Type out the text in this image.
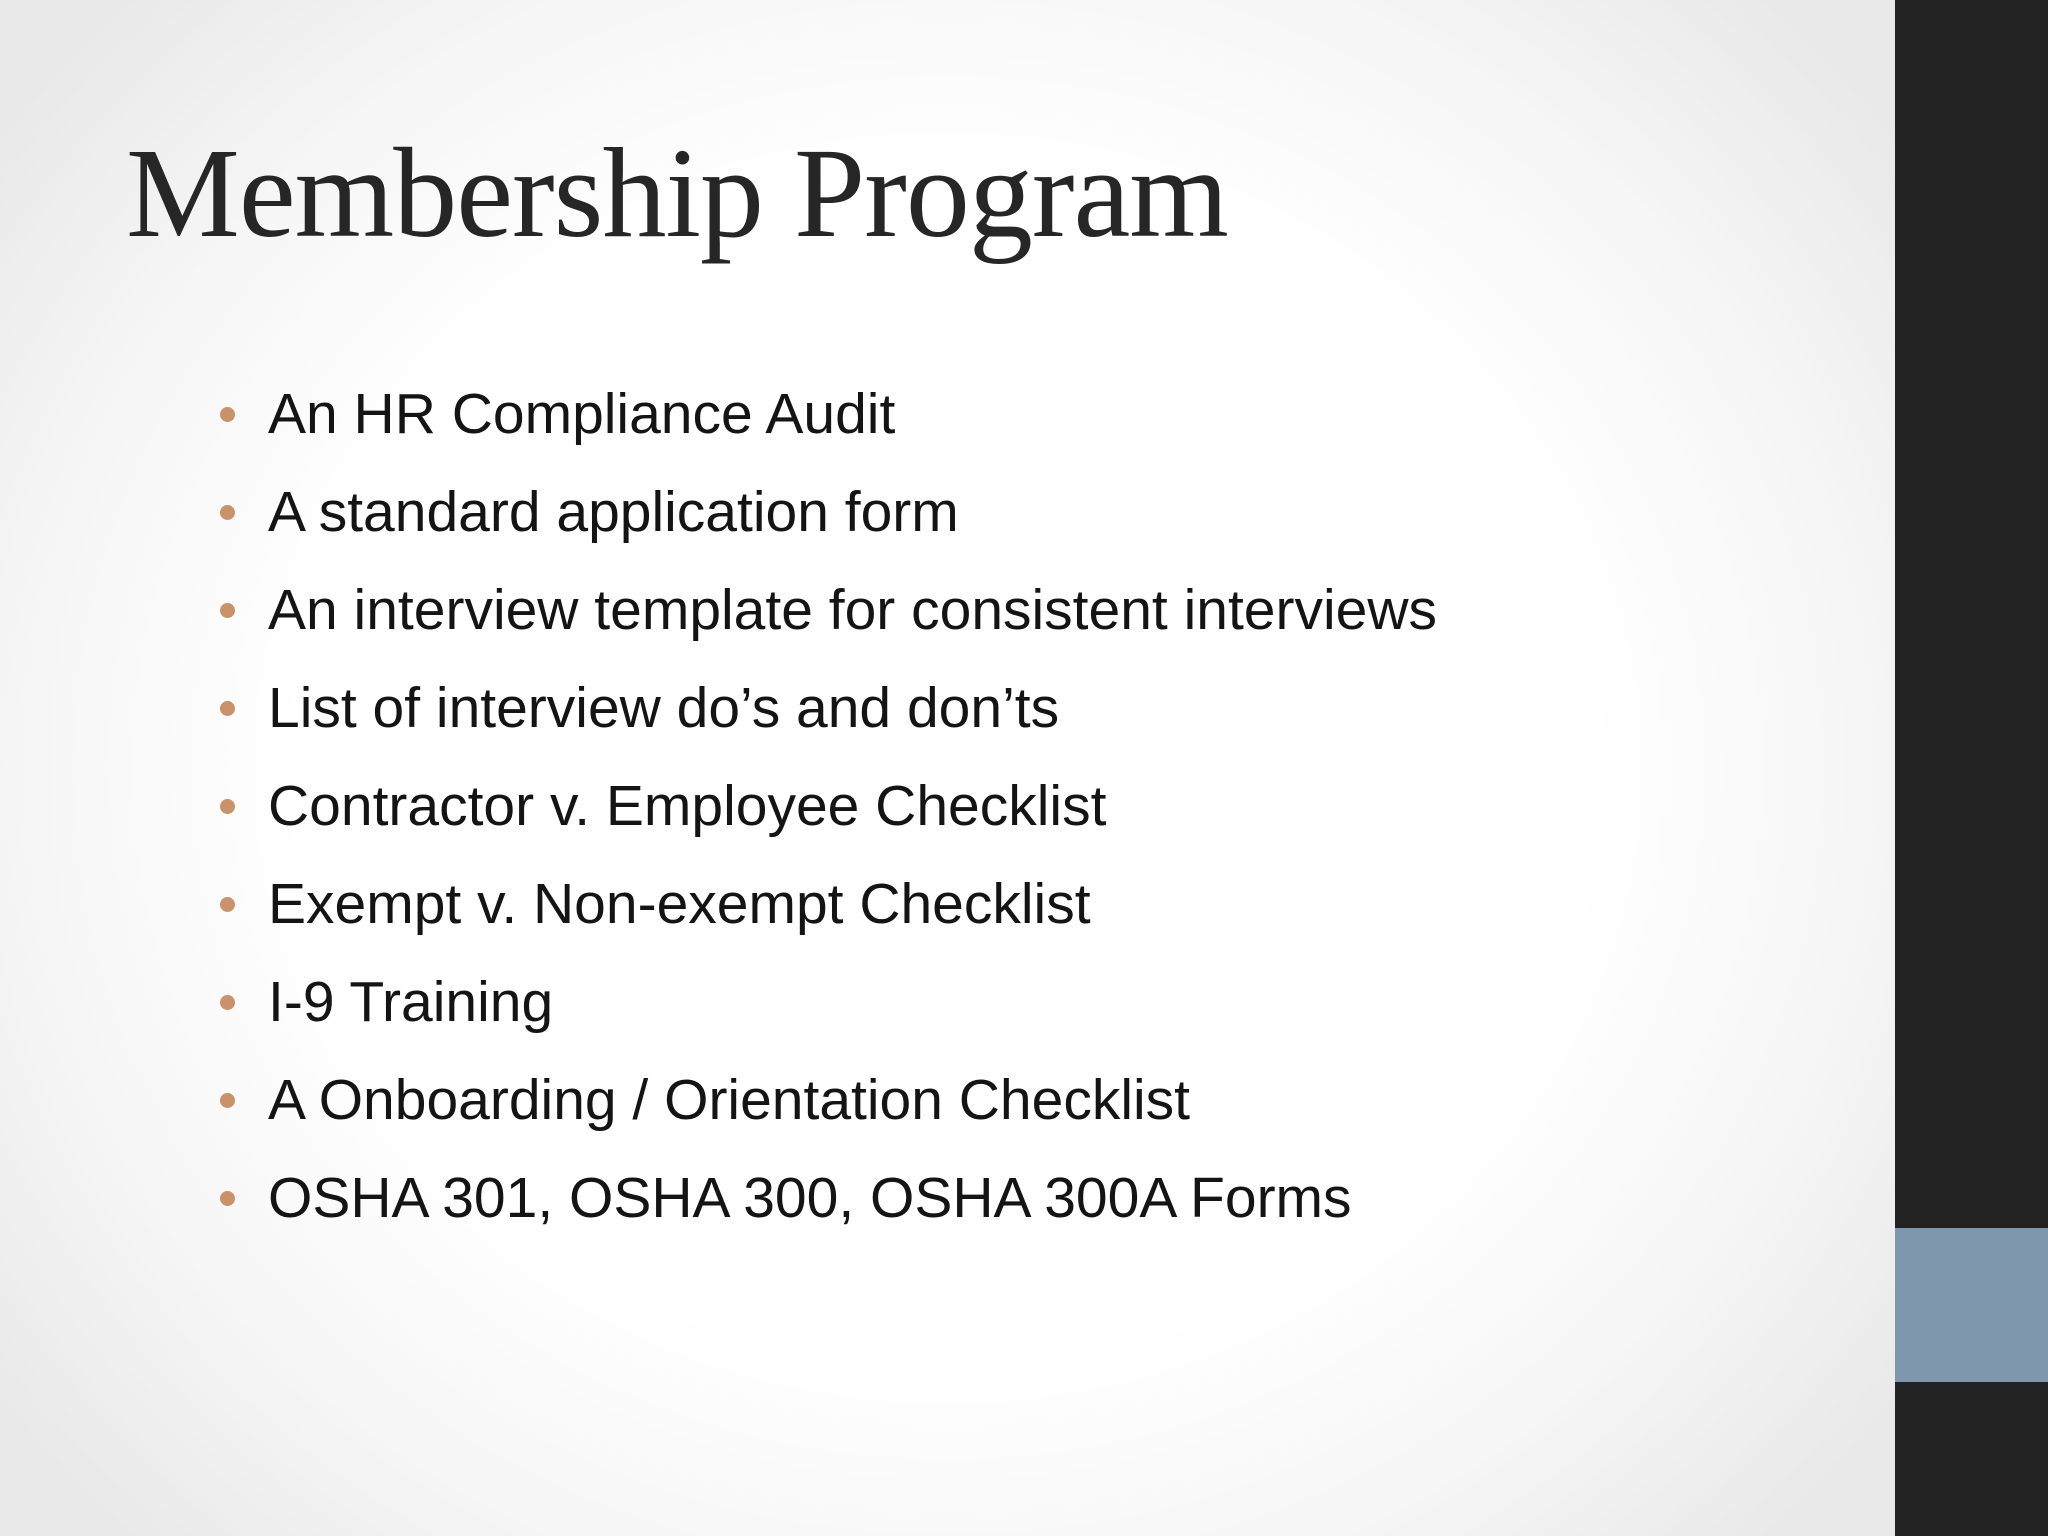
Membership Program
An HR Compliance Audit
A standard application form
An interview template for consistent interviews
List of interview do’s and don’ts
Contractor v. Employee Checklist
Exempt v. Non-exempt Checklist
I-9 Training
A Onboarding / Orientation Checklist
OSHA 301, OSHA 300, OSHA 300A Forms
